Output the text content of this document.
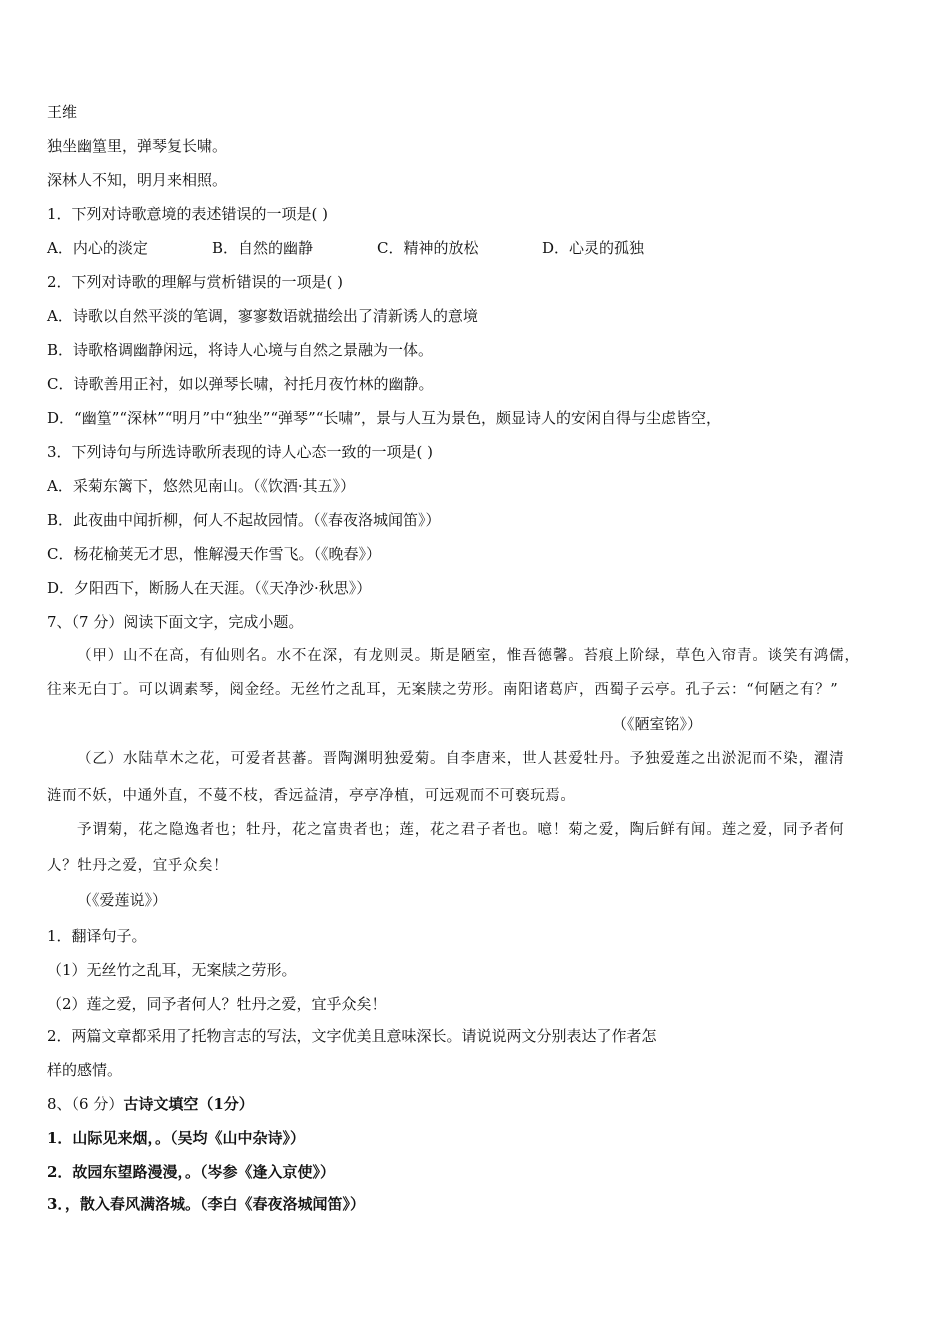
王维
独坐幽篁里，弹琴复长啸。
深林人不知，明月来相照。
1．下列对诗歌意境的表述错误的一项是( )
A．内心的淡定	B．自然的幽静	C．精神的放松	D．心灵的孤独
2．下列对诗歌的理解与赏析错误的一项是( )
A．诗歌以自然平淡的笔调，寥寥数语就描绘出了清新诱人的意境
B．诗歌格调幽静闲远，将诗人心境与自然之景融为一体。
C．诗歌善用正衬，如以弹琴长啸，衬托月夜竹林的幽静。
D．“幽篁”“深林”“明月”中“独坐”“弹琴”“长啸”，景与人互为景色，颇显诗人的安闲自得与尘虑皆空，
3．下列诗句与所选诗歌所表现的诗人心态一致的一项是( )
A．采菊东篱下，悠然见南山。（《饮酒·其五》）
B．此夜曲中闻折柳，何人不起故园情。（《春夜洛城闻笛》）
C．杨花榆荚无才思，惟解漫天作雪飞。（《晚春》）
D．夕阳西下，断肠人在天涯。（《天净沙·秋思》）
7、（7 分）阅读下面文字，完成小题。
（甲）山不在高，有仙则名。水不在深，有龙则灵。斯是陋室，惟吾德馨。苔痕上阶绿，草色入帘青。谈笑有鸿儒，
往来无白丁。可以调素琴，阅金经。无丝竹之乱耳，无案牍之劳形。南阳诸葛庐，西蜀子云亭。孔子云：“何陋之有？”
（《陋室铭》）
（乙）水陆草木之花，可爱者甚蕃。晋陶渊明独爱菊。自李唐来，世人甚爱牡丹。予独爱莲之出淤泥而不染，濯清
涟而不妖，中通外直，不蔓不枝，香远益清，亭亭净植，可远观而不可亵玩焉。
予谓菊，花之隐逸者也；牡丹，花之富贵者也；莲，花之君子者也。噫！菊之爱，陶后鲜有闻。莲之爱，同予者何
人？牡丹之爱，宜乎众矣！
（《爱莲说》）
1．翻译句子。
（1）无丝竹之乱耳，无案牍之劳形。
（2）莲之爱，同予者何人？牡丹之爱，宜乎众矣！
2．两篇文章都采用了托物言志的写法，文字优美且意味深长。请说说两文分别表达了作者怎
样的感情。
8、（6 分）古诗文填空（1分）
1．山际见来烟，。（吴均《山中杂诗》）
2．故园东望路漫漫，。（岑参《逢入京使》）
3．，散入春风满洛城。（李白《春夜洛城闻笛》）
